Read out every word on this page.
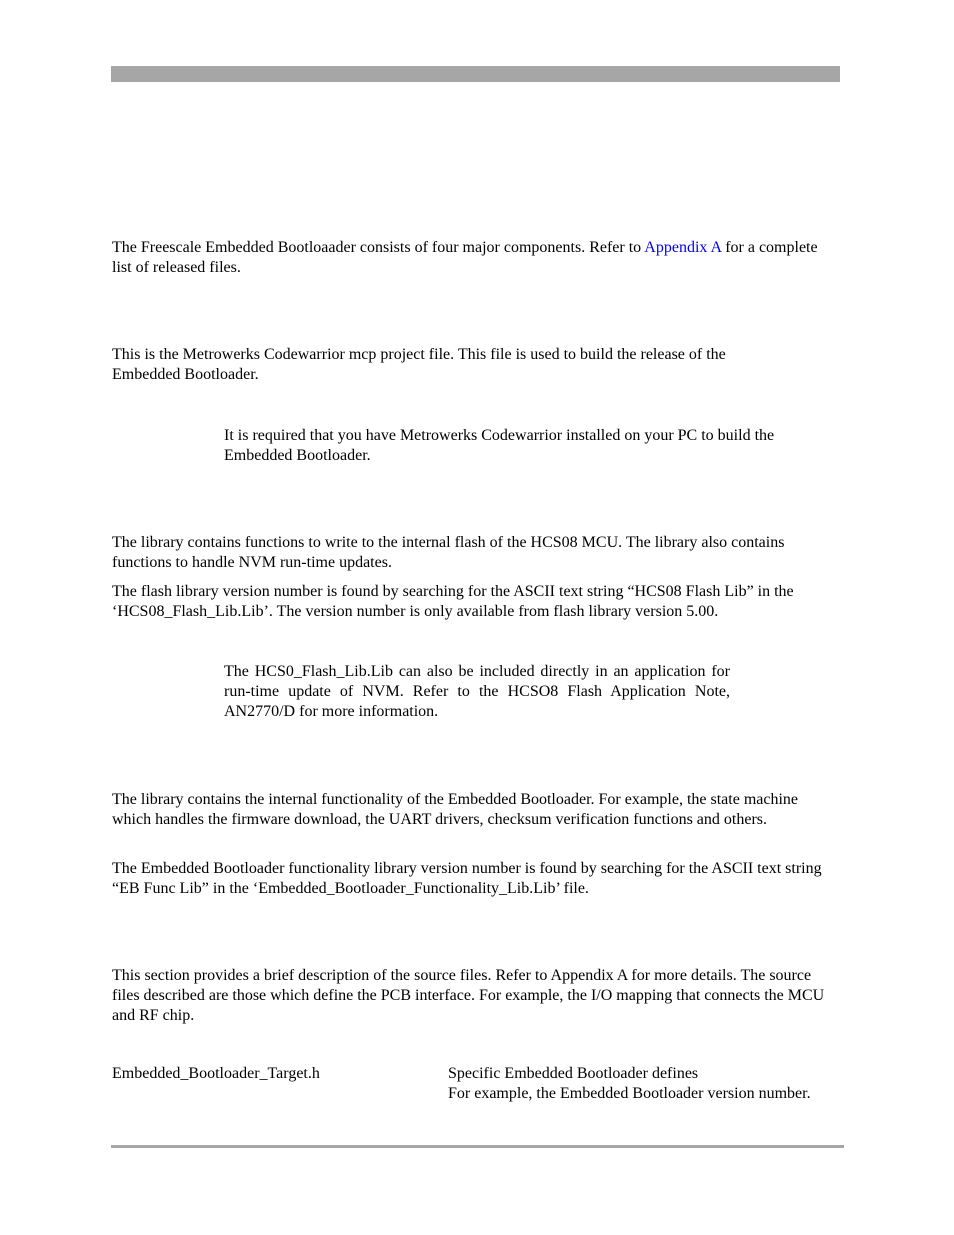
The Freescale Embedded Bootloaader consists of four major components. Refer to Appendix A for a complete list of released files.

This is the Metrowerks Codewarrior mcp project file. This file is used to build the release of the Embedded Bootloader.

It is required that you have Metrowerks Codewarrior installed on your PC to build the Embedded Bootloader.

The library contains functions to write to the internal flash of the HCS08 MCU. The library also contains functions to handle NVM run-time updates.

The flash library version number is found by searching for the ASCII text string “HCS08 Flash Lib” in the ‘HCS08_Flash_Lib.Lib’. The version number is only available from flash library version 5.00.

The HCS0_Flash_Lib.Lib can also be included directly in an application for run-time update of NVM. Refer to the HCSO8 Flash Application Note, AN2770/D for more information.

The library contains the internal functionality of the Embedded Bootloader. For example, the state machine which handles the firmware download, the UART drivers, checksum verification functions and others.

The Embedded Bootloader functionality library version number is found by searching for the ASCII text string “EB Func Lib” in the ‘Embedded_Bootloader_Functionality_Lib.Lib’ file.

This section provides a brief description of the source files. Refer to Appendix A for more details. The source files described are those which define the PCB interface. For example, the I/O mapping that connects the MCU and RF chip.

Embedded_Bootloader_Target.h	Specific Embedded Bootloader defines
For example, the Embedded Bootloader version number.
